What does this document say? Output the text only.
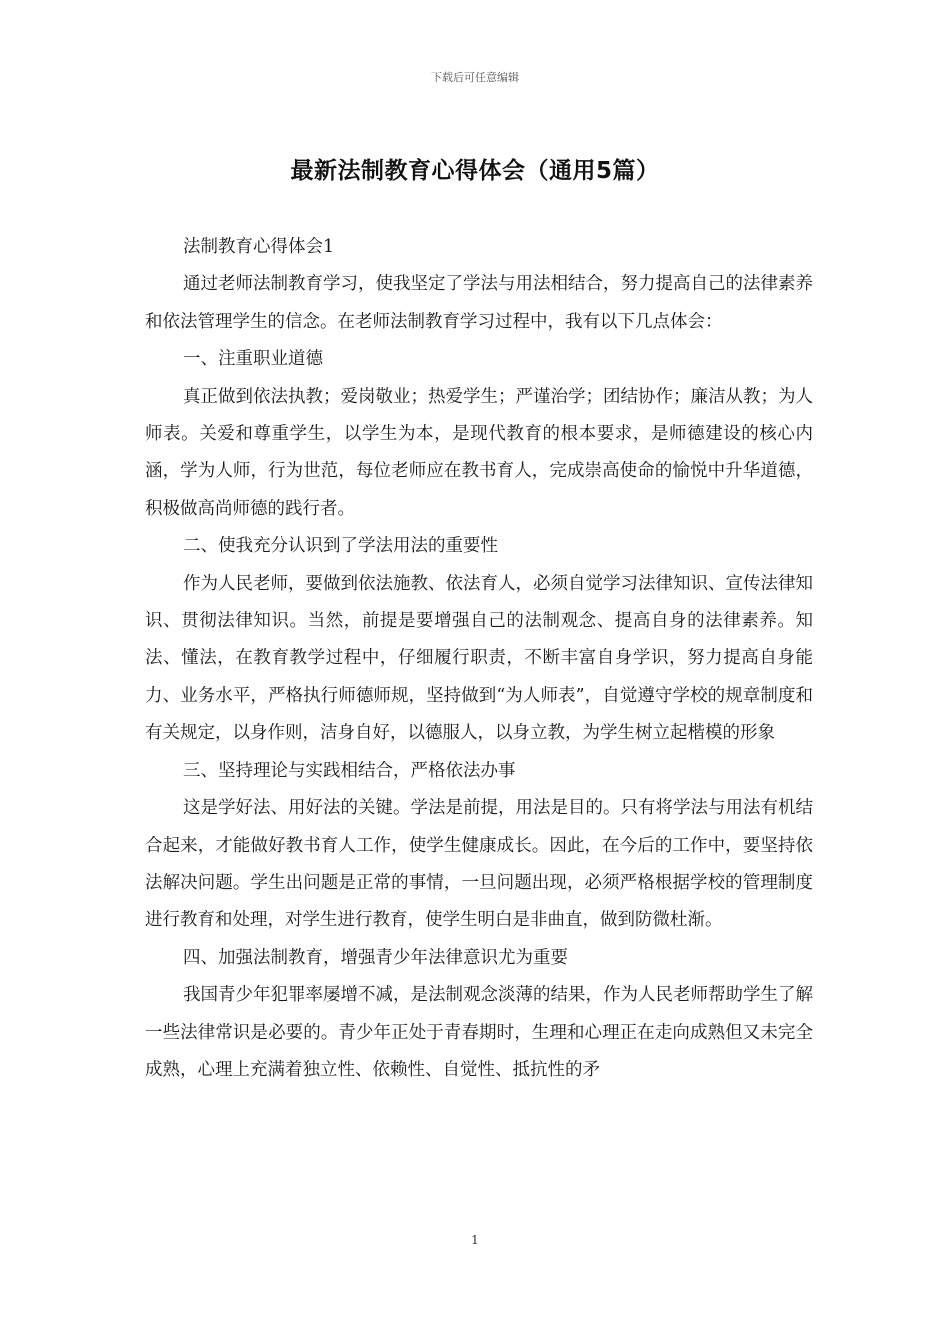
下载后可任意编辑
最新法制教育心得体会（通用5篇）

法制教育心得体会1

通过老师法制教育学习，使我坚定了学法与用法相结合，努力提高自己的法律素养和依法管理学生的信念。在老师法制教育学习过程中，我有以下几点体会：

一、注重职业道德

真正做到依法执教；爱岗敬业；热爱学生；严谨治学；团结协作；廉洁从教；为人师表。关爱和尊重学生，以学生为本，是现代教育的根本要求，是师德建设的核心内涵，学为人师，行为世范，每位老师应在教书育人，完成崇高使命的愉悦中升华道德，积极做高尚师德的践行者。

二、使我充分认识到了学法用法的重要性

作为人民老师，要做到依法施教、依法育人，必须自觉学习法律知识、宣传法律知识、贯彻法律知识。当然，前提是要增强自己的法制观念、提高自身的法律素养。知法、懂法，在教育教学过程中，仔细履行职责，不断丰富自身学识，努力提高自身能力、业务水平，严格执行师德师规，坚持做到“为人师表”，自觉遵守学校的规章制度和有关规定，以身作则，洁身自好，以德服人，以身立教，为学生树立起楷模的形象

三、坚持理论与实践相结合，严格依法办事

这是学好法、用好法的关键。学法是前提，用法是目的。只有将学法与用法有机结合起来，才能做好教书育人工作，使学生健康成长。因此，在今后的工作中，要坚持依法解决问题。学生出问题是正常的事情，一旦问题出现，必须严格根据学校的管理制度进行教育和处理，对学生进行教育，使学生明白是非曲直，做到防微杜渐。

四、加强法制教育，增强青少年法律意识尤为重要

我国青少年犯罪率屡增不减，是法制观念淡薄的结果，作为人民老师帮助学生了解一些法律常识是必要的。青少年正处于青春期时，生理和心理正在走向成熟但又未完全成熟，心理上充满着独立性、依赖性、自觉性、抵抗性的矛

1
